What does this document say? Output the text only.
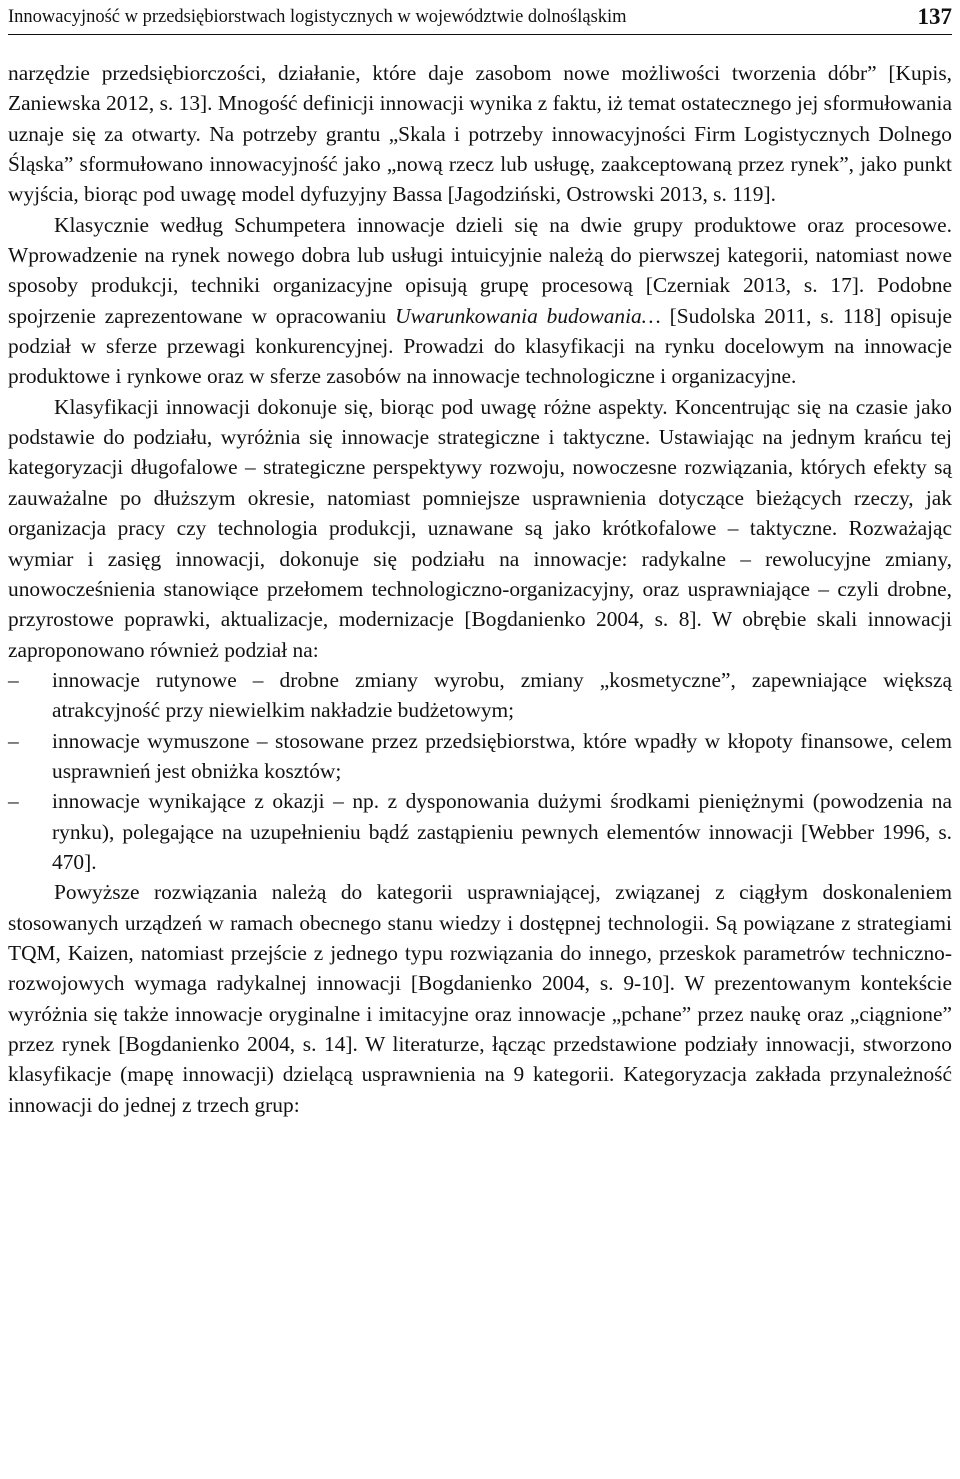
Innowacyjność w przedsiębiorstwach logistycznych w województwie dolnośląskim	137

narzędzie przedsiębiorczości, działanie, które daje zasobom nowe możliwości tworzenia dóbr” [Kupis, Zaniewska 2012, s. 13]. Mnogość definicji innowacji wynika z faktu, iż temat ostatecznego jej sformułowania uznaje się za otwarty. Na potrzeby grantu „Skala i potrzeby innowacyjności Firm Logistycznych Dolnego Śląska” sformułowano innowacyjność jako „nową rzecz lub usługę, zaakceptowaną przez rynek”, jako punkt wyjścia, biorąc pod uwagę model dyfuzyjny Bassa [Jagodziński, Ostrowski 2013, s. 119].

Klasycznie według Schumpetera innowacje dzieli się na dwie grupy produktowe oraz procesowe. Wprowadzenie na rynek nowego dobra lub usługi intuicyjnie należą do pierwszej kategorii, natomiast nowe sposoby produkcji, techniki organizacyjne opisują grupę procesową [Czerniak 2013, s. 17]. Podobne spojrzenie zaprezentowane w opracowaniu Uwarunkowania budowania… [Sudolska 2011, s. 118] opisuje podział w sferze przewagi konkurencyjnej. Prowadzi do klasyfikacji na rynku docelowym na innowacje produktowe i rynkowe oraz w sferze zasobów na innowacje technologiczne i organizacyjne.

Klasyfikacji innowacji dokonuje się, biorąc pod uwagę różne aspekty. Koncentrując się na czasie jako podstawie do podziału, wyróżnia się innowacje strategiczne i taktyczne. Ustawiając na jednym krańcu tej kategoryzacji długofalowe – strategiczne perspektywy rozwoju, nowoczesne rozwiązania, których efekty są zauważalne po dłuższym okresie, natomiast pomniejsze usprawnienia dotyczące bieżących rzeczy, jak organizacja pracy czy technologia produkcji, uznawane są jako krótkofalowe – taktyczne. Rozważając wymiar i zasięg innowacji, dokonuje się podziału na innowacje: radykalne – rewolucyjne zmiany, unowocześnienia stanowiące przełomem technologiczno-organizacyjny, oraz usprawniające – czyli drobne, przyrostowe poprawki, aktualizacje, modernizacje [Bogdanienko 2004, s. 8]. W obrębie skali innowacji zaproponowano również podział na:

– innowacje rutynowe – drobne zmiany wyrobu, zmiany „kosmetyczne”, zapewniające większą atrakcyjność przy niewielkim nakładzie budżetowym;
– innowacje wymuszone – stosowane przez przedsiębiorstwa, które wpadły w kłopoty finansowe, celem usprawnień jest obniżka kosztów;
– innowacje wynikające z okazji – np. z dysponowania dużymi środkami pieniężnymi (powodzenia na rynku), polegające na uzupełnieniu bądź zastąpieniu pewnych elementów innowacji [Webber 1996, s. 470].

Powyższe rozwiązania należą do kategorii usprawniającej, związanej z ciągłym doskonaleniem stosowanych urządzeń w ramach obecnego stanu wiedzy i dostępnej technologii. Są powiązane z strategiami TQM, Kaizen, natomiast przejście z jednego typu rozwiązania do innego, przeskok parametrów techniczno-rozwojowych wymaga radykalnej innowacji [Bogdanienko 2004, s. 9-10]. W prezentowanym kontekście wyróżnia się także innowacje oryginalne i imitacyjne oraz innowacje „pchane” przez naukę oraz „ciągnione” przez rynek [Bogdanienko 2004, s. 14]. W literaturze, łącząc przedstawione podziały innowacji, stworzono klasyfikacje (mapę innowacji) dzielącą usprawnienia na 9 kategorii. Kategoryzacja zakłada przynależność innowacji do jednej z trzech grup:
